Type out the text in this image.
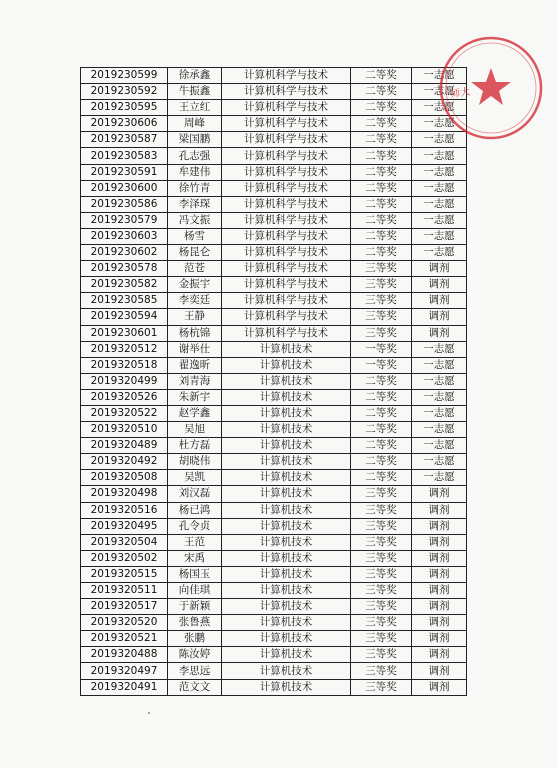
2019230599	徐承鑫	计算机科学与技术	二等奖	一志愿
2019230592	牛振鑫	计算机科学与技术	二等奖	一志愿
2019230595	王立红	计算机科学与技术	二等奖	一志愿
2019230606	周峰	计算机科学与技术	二等奖	一志愿
2019230587	梁国鹏	计算机科学与技术	二等奖	一志愿
2019230583	孔志强	计算机科学与技术	二等奖	一志愿
2019230591	牟建伟	计算机科学与技术	二等奖	一志愿
2019230600	徐竹青	计算机科学与技术	二等奖	一志愿
2019230586	李泽琛	计算机科学与技术	二等奖	一志愿
2019230579	冯文振	计算机科学与技术	二等奖	一志愿
2019230603	杨雪	计算机科学与技术	二等奖	一志愿
2019230602	杨昆仑	计算机科学与技术	二等奖	一志愿
2019230578	范苍	计算机科学与技术	三等奖	调剂
2019230582	金振宇	计算机科学与技术	三等奖	调剂
2019230585	李奕廷	计算机科学与技术	三等奖	调剂
2019230594	王静	计算机科学与技术	三等奖	调剂
2019230601	杨杭锦	计算机科学与技术	三等奖	调剂
2019320512	谢举仕	计算机技术	一等奖	一志愿
2019320518	翟逸昕	计算机技术	一等奖	一志愿
2019320499	刘青海	计算机技术	二等奖	一志愿
2019320526	朱新宇	计算机技术	二等奖	一志愿
2019320522	赵学鑫	计算机技术	二等奖	一志愿
2019320510	吴旭	计算机技术	二等奖	一志愿
2019320489	杜方磊	计算机技术	二等奖	一志愿
2019320492	胡晓伟	计算机技术	二等奖	一志愿
2019320508	吴凯	计算机技术	二等奖	一志愿
2019320498	刘汉磊	计算机技术	三等奖	调剂
2019320516	杨已鸿	计算机技术	三等奖	调剂
2019320495	孔令贞	计算机技术	三等奖	调剂
2019320504	王范	计算机技术	三等奖	调剂
2019320502	宋禹	计算机技术	三等奖	调剂
2019320515	杨国玉	计算机技术	三等奖	调剂
2019320511	向佳琪	计算机技术	三等奖	调剂
2019320517	于新颖	计算机技术	三等奖	调剂
2019320520	张鲁燕	计算机技术	三等奖	调剂
2019320521	张鹏	计算机技术	三等奖	调剂
2019320488	陈汝婷	计算机技术	三等奖	调剂
2019320497	李思远	计算机技术	三等奖	调剂
2019320491	范文文	计算机技术	三等奖	调剂
师大
